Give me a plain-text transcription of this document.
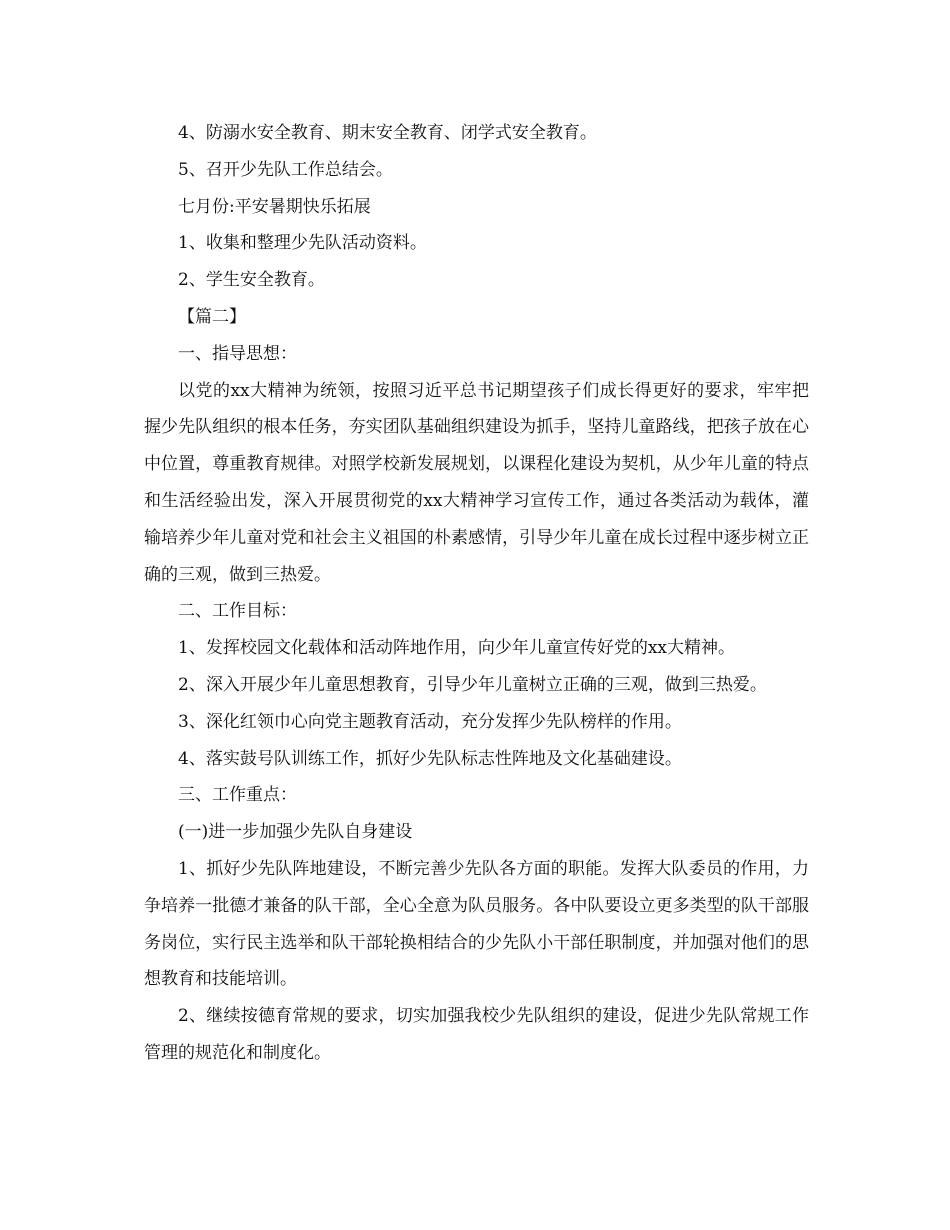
4、防溺水安全教育、期末安全教育、闭学式安全教育。

5、召开少先队工作总结会。

七月份:平安暑期快乐拓展

1、收集和整理少先队活动资料。

2、学生安全教育。

【篇二】

一、指导思想：

以党的xx大精神为统领，按照习近平总书记期望孩子们成长得更好的要求，牢牢把握少先队组织的根本任务，夯实团队基础组织建设为抓手，坚持儿童路线，把孩子放在心中位置，尊重教育规律。对照学校新发展规划，以课程化建设为契机，从少年儿童的特点和生活经验出发，深入开展贯彻党的xx大精神学习宣传工作，通过各类活动为载体，灌输培养少年儿童对党和社会主义祖国的朴素感情，引导少年儿童在成长过程中逐步树立正确的三观，做到三热爱。

二、工作目标：

1、发挥校园文化载体和活动阵地作用，向少年儿童宣传好党的xx大精神。

2、深入开展少年儿童思想教育，引导少年儿童树立正确的三观，做到三热爱。

3、深化红领巾心向党主题教育活动，充分发挥少先队榜样的作用。

4、落实鼓号队训练工作，抓好少先队标志性阵地及文化基础建设。

三、工作重点：

(一)进一步加强少先队自身建设

1、抓好少先队阵地建设，不断完善少先队各方面的职能。发挥大队委员的作用，力争培养一批德才兼备的队干部，全心全意为队员服务。各中队要设立更多类型的队干部服务岗位，实行民主选举和队干部轮换相结合的少先队小干部任职制度，并加强对他们的思想教育和技能培训。

2、继续按德育常规的要求，切实加强我校少先队组织的建设，促进少先队常规工作管理的规范化和制度化。
